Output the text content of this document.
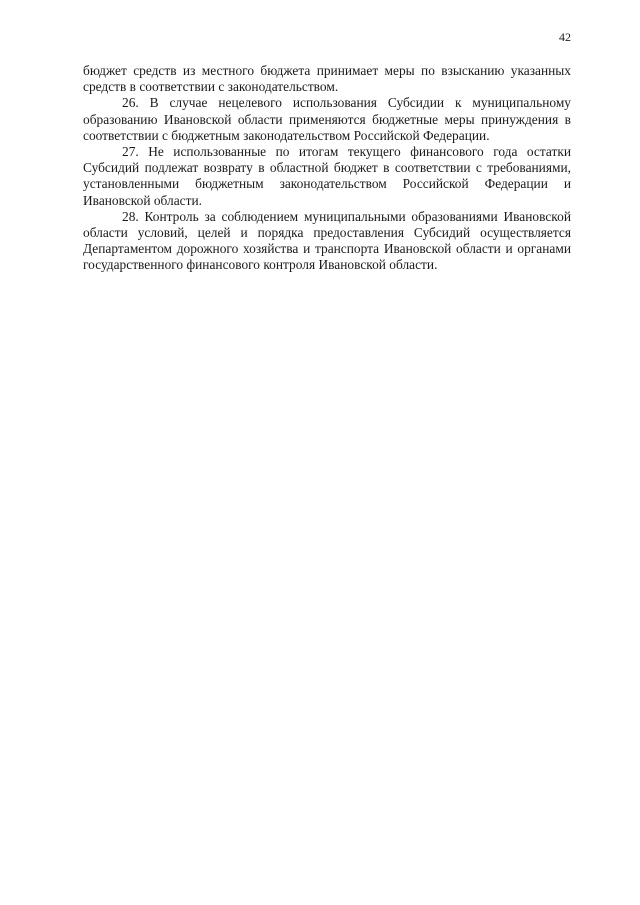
42

бюджет средств из местного бюджета принимает меры по взысканию указанных средств в соответствии с законодательством.

26. В случае нецелевого использования Субсидии к муниципальному образованию Ивановской области применяются бюджетные меры принуждения в соответствии с бюджетным законодательством Российской Федерации.

27. Не использованные по итогам текущего финансового года остатки Субсидий подлежат возврату в областной бюджет в соответствии с требованиями, установленными бюджетным законодательством Российской Федерации и Ивановской области.

28. Контроль за соблюдением муниципальными образованиями Ивановской области условий, целей и порядка предоставления Субсидий осуществляется Департаментом дорожного хозяйства и транспорта Ивановской области и органами государственного финансового контроля Ивановской области.
